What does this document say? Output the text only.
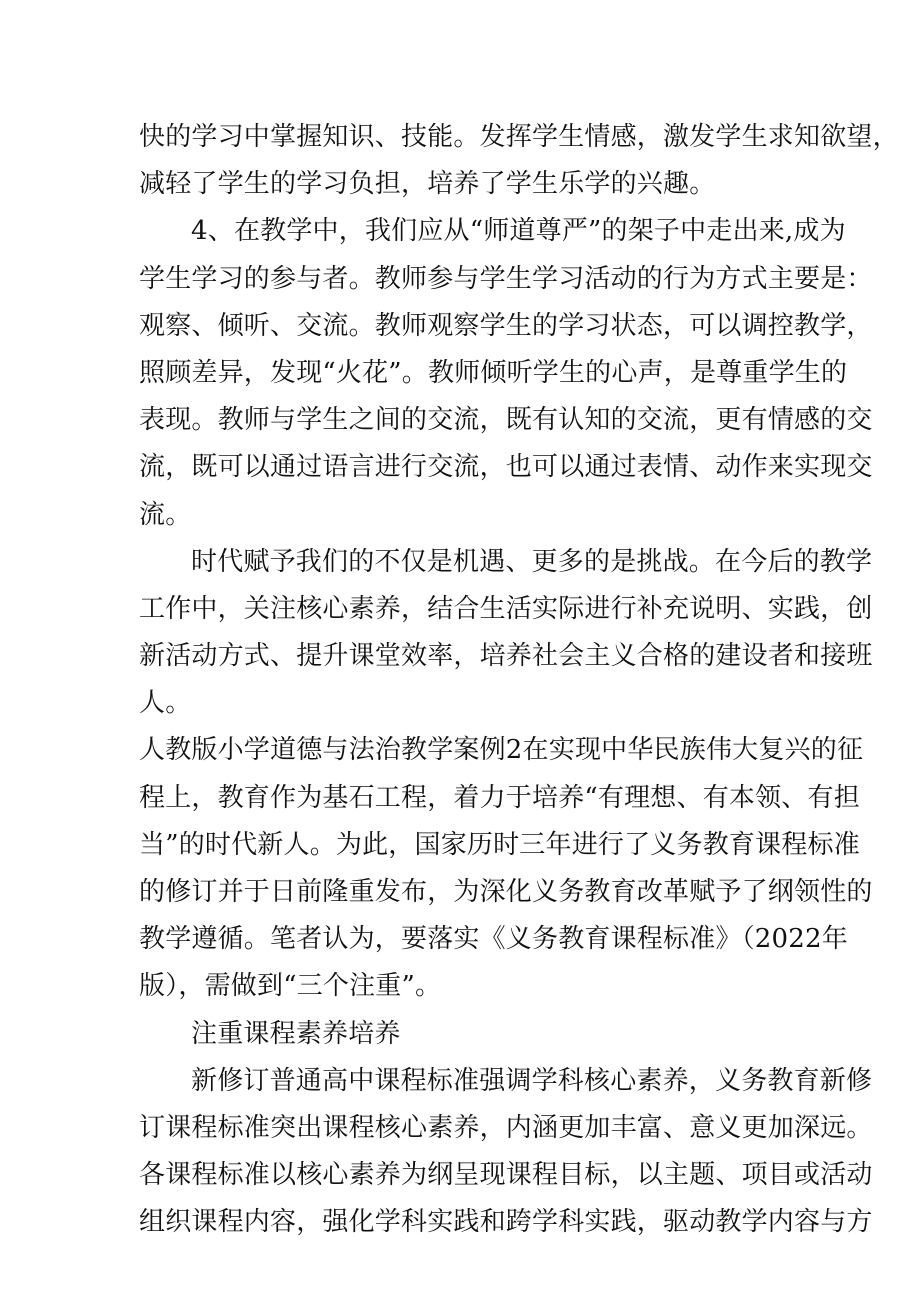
快的学习中掌握知识、技能。发挥学生情感，激发学生求知欲望，
减轻了学生的学习负担，培养了学生乐学的兴趣。
4、在教学中，我们应从“师道尊严”的架子中走出来,成为
学生学习的参与者。教师参与学生学习活动的行为方式主要是：
观察、倾听、交流。教师观察学生的学习状态，可以调控教学，
照顾差异，发现“火花”。教师倾听学生的心声，是尊重学生的
表现。教师与学生之间的交流，既有认知的交流，更有情感的交
流，既可以通过语言进行交流，也可以通过表情、动作来实现交
流。
时代赋予我们的不仅是机遇、更多的是挑战。在今后的教学
工作中，关注核心素养，结合生活实际进行补充说明、实践，创
新活动方式、提升课堂效率，培养社会主义合格的建设者和接班
人。
人教版小学道德与法治教学案例2在实现中华民族伟大复兴的征
程上，教育作为基石工程，着力于培养“有理想、有本领、有担
当”的时代新人。为此，国家历时三年进行了义务教育课程标准
的修订并于日前隆重发布，为深化义务教育改革赋予了纲领性的
教学遵循。笔者认为，要落实《义务教育课程标准》（2022年
版），需做到“三个注重”。
注重课程素养培养
新修订普通高中课程标准强调学科核心素养，义务教育新修
订课程标准突出课程核心素养，内涵更加丰富、意义更加深远。
各课程标准以核心素养为纲呈现课程目标，以主题、项目或活动
组织课程内容，强化学科实践和跨学科实践，驱动教学内容与方
